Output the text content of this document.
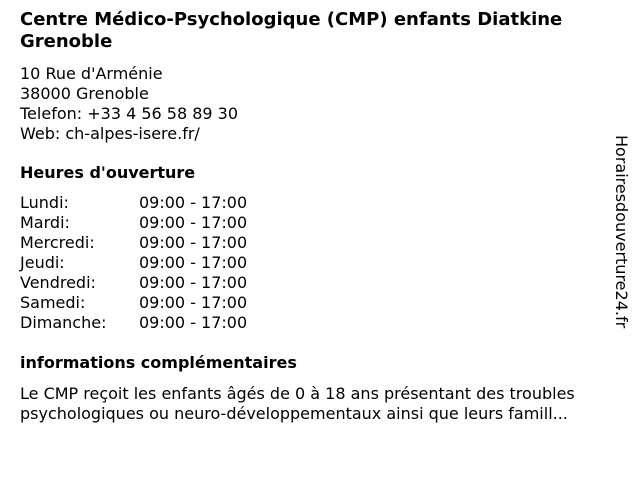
Centre Médico-Psychologique (CMP) enfants Diatkine Grenoble
10 Rue d'Arménie
38000 Grenoble
Telefon: +33 4 56 58 89 30
Web: ch-alpes-isere.fr/
Heures d'ouverture
Lundi:	09:00 - 17:00
Mardi:	09:00 - 17:00
Mercredi:	09:00 - 17:00
Jeudi:	09:00 - 17:00
Vendredi:	09:00 - 17:00
Samedi:	09:00 - 17:00
Dimanche:	09:00 - 17:00
informations complémentaires

Le CMP reçoit les enfants âgés de 0 à 18 ans présentant des troubles psychologiques ou neuro-développementaux ainsi que leurs famill...

Horairesdouverture24.fr
